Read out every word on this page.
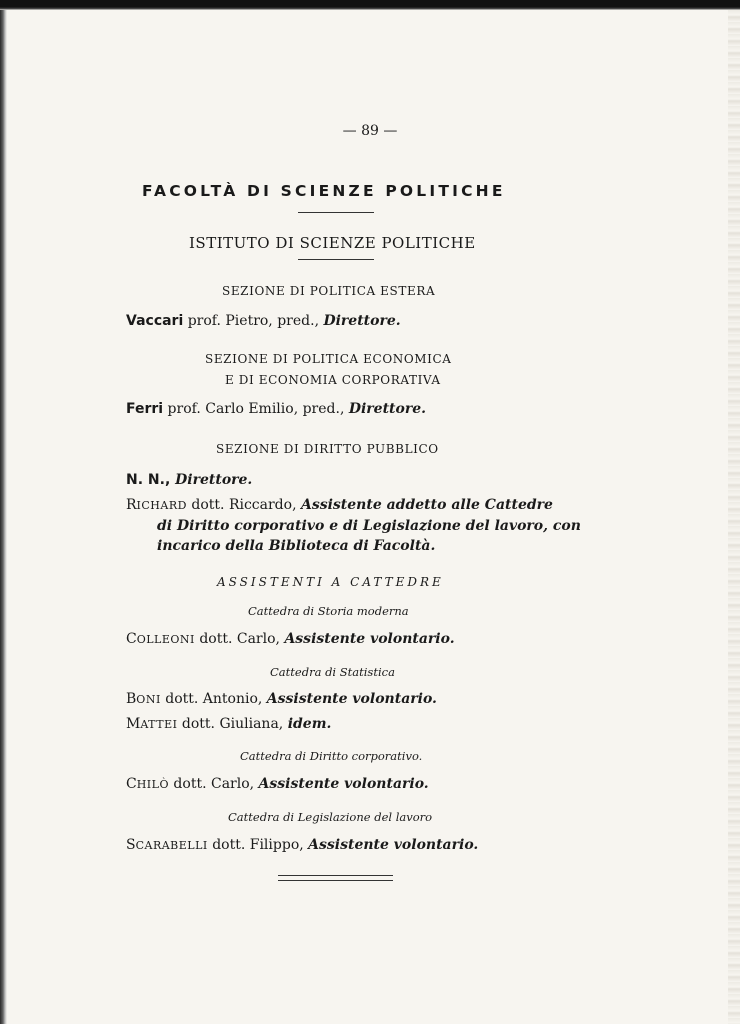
— 89 —
FACOLTÀ DI SCIENZE POLITICHE
ISTITUTO DI SCIENZE POLITICHE
SEZIONE DI POLITICA ESTERA
Vaccari prof. Pietro, pred., Direttore.
SEZIONE DI POLITICA ECONOMICA
E DI ECONOMIA CORPORATIVA
Ferri prof. Carlo Emilio, pred., Direttore.
SEZIONE DI DIRITTO PUBBLICO
N. N., Direttore.
RICHARD dott. Riccardo, Assistente addetto alle Cattedre
di Diritto corporativo e di Legislazione del lavoro, con
incarico della Biblioteca di Facoltà.
ASSISTENTI A CATTEDRE
Cattedra di Storia moderna
COLLEONI dott. Carlo, Assistente volontario.
Cattedra di Statistica
BONI dott. Antonio, Assistente volontario.
MATTEI dott. Giuliana, idem.
Cattedra di Diritto corporativo.
CHILÒ dott. Carlo, Assistente volontario.
Cattedra di Legislazione del lavoro
SCARABELLI dott. Filippo, Assistente volontario.
